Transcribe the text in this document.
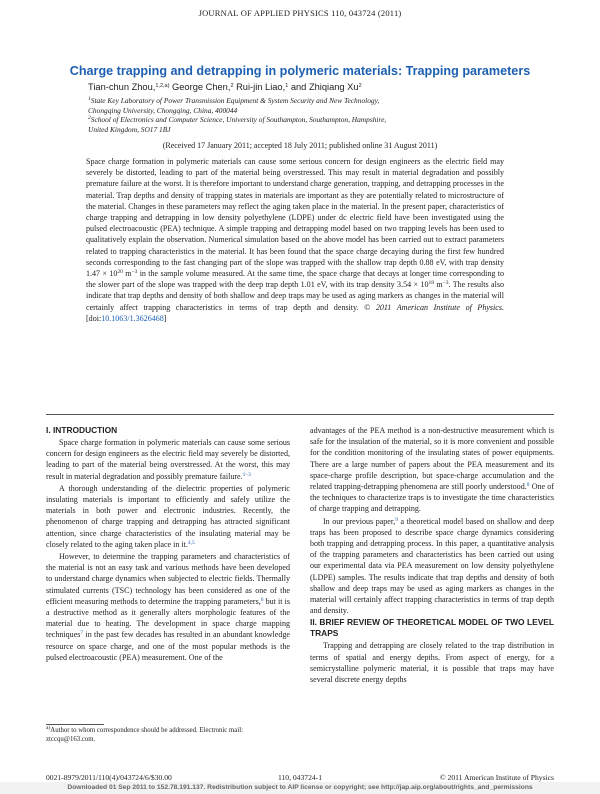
JOURNAL OF APPLIED PHYSICS 110, 043724 (2011)
Charge trapping and detrapping in polymeric materials: Trapping parameters
Tian-chun Zhou,$^{1,2,a)}$ George Chen,$^2$ Rui-jin Liao,$^1$ and Zhiqiang Xu$^2$
$^1$State Key Laboratory of Power Transmission Equipment & System Security and New Technology,
Chongqing University, Chongqing, China, 400044
$^2$School of Electronics and Computer Science, University of Southampton, Southampton, Hampshire,
United Kingdom, SO17 1BJ
(Received 17 January 2011; accepted 18 July 2011; published online 31 August 2011)

Space charge formation in polymeric materials can cause some serious concern for design engineers as the electric field may severely be distorted, leading to part of the material being overstressed. This may result in material degradation and possibly premature failure at the worst. It is therefore important to understand charge generation, trapping, and detrapping processes in the material. Trap depths and density of trapping states in materials are important as they are potentially related to microstructure of the material. Changes in these parameters may reflect the aging taken place in the material. In the present paper, characteristics of charge trapping and detrapping in low density polyethylene (LDPE) under dc electric field have been investigated using the pulsed electroacoustic (PEA) technique. A simple trapping and detrapping model based on two trapping levels has been used to qualitatively explain the observation. Numerical simulation based on the above model has been carried out to extract parameters related to trapping characteristics in the material. It has been found that the space charge decaying during the first few hundred seconds corresponding to the fast changing part of the slope was trapped with the shallow trap depth 0.88 eV, with trap density $1.47 \times 10^{20}$ $m^{-3}$ in the sample volume measured. At the same time, the space charge that decays at longer time corresponding to the slower part of the slope was trapped with the deep trap depth 1.01 eV, with its trap density $3.54 \times 10^{18}$ $m^{-3}$. The results also indicate that trap depths and density of both shallow and deep traps may be used as aging markers as changes in the material will certainly affect trapping characteristics in terms of trap depth and density. © 2011 American Institute of Physics. [doi:10.1063/1.3626468]

I. INTRODUCTION

Space charge formation in polymeric materials can cause some serious concern for design engineers as the electric field may severely be distorted, leading to part of the material being overstressed. At the worst, this may result in material degradation and possibly premature failure.$^{1-3}$

A thorough understanding of the dielectric properties of polymeric insulating materials is important to efficiently and safely utilize the materials in both power and electronic industries. Recently, the phenomenon of charge trapping and detrapping has attracted significant attention, since charge characteristics of the insulating material may be closely related to the aging taken place in it.$^{4,5}$

However, to determine the trapping parameters and characteristics of the material is not an easy task and various methods have been developed to understand charge dynamics when subjected to electric fields. Thermally stimulated currents (TSC) technology has been considered as one of the efficient measuring methods to determine the trapping parameters,$^6$ but it is a destructive method as it generally alters morphologic features of the material due to heating. The development in space charge mapping techniques$^7$ in the past few decades has resulted in an abundant knowledge resource on space charge, and one of the most popular methods is the pulsed electroacoustic (PEA) measurement. One of the

advantages of the PEA method is a non-destructive measurement which is safe for the insulation of the material, so it is more convenient and possible for the condition monitoring of the insulating states of power equipments. There are a large number of papers about the PEA measurement and its space-charge profile description, but space-charge accumulation and the related trapping-detrapping phenomena are still poorly understood.$^8$ One of the techniques to characterize traps is to investigate the time characteristics of charge trapping and detrapping.

In our previous paper,$^9$ a theoretical model based on shallow and deep traps has been proposed to describe space charge dynamics considering both trapping and detrapping process. In this paper, a quantitative analysis of the trapping parameters and characteristics has been carried out using our experimental data via PEA measurement on low density polyethylene (LDPE) samples. The results indicate that trap depths and density of both shallow and deep traps may be used as aging markers as changes in the material will certainly affect trapping characteristics in terms of trap depth and density.

II. BRIEF REVIEW OF THEORETICAL MODEL OF TWO LEVEL TRAPS

Trapping and detrapping are closely related to the trap distribution in terms of spatial and energy depths. From aspect of energy, for a semicrystalline polymeric material, it is possible that traps may have several discrete energy depths

$^{a)}$Author to whom correspondence should be addressed. Electronic mail: ztccqu@163.com.
0021-8979/2011/110(4)/043724/6/$30.00	110, 043724-1	© 2011 American Institute of Physics
Downloaded 01 Sep 2011 to 152.78.191.137. Redistribution subject to AIP license or copyright; see http://jap.aip.org/about/rights_and_permissions
